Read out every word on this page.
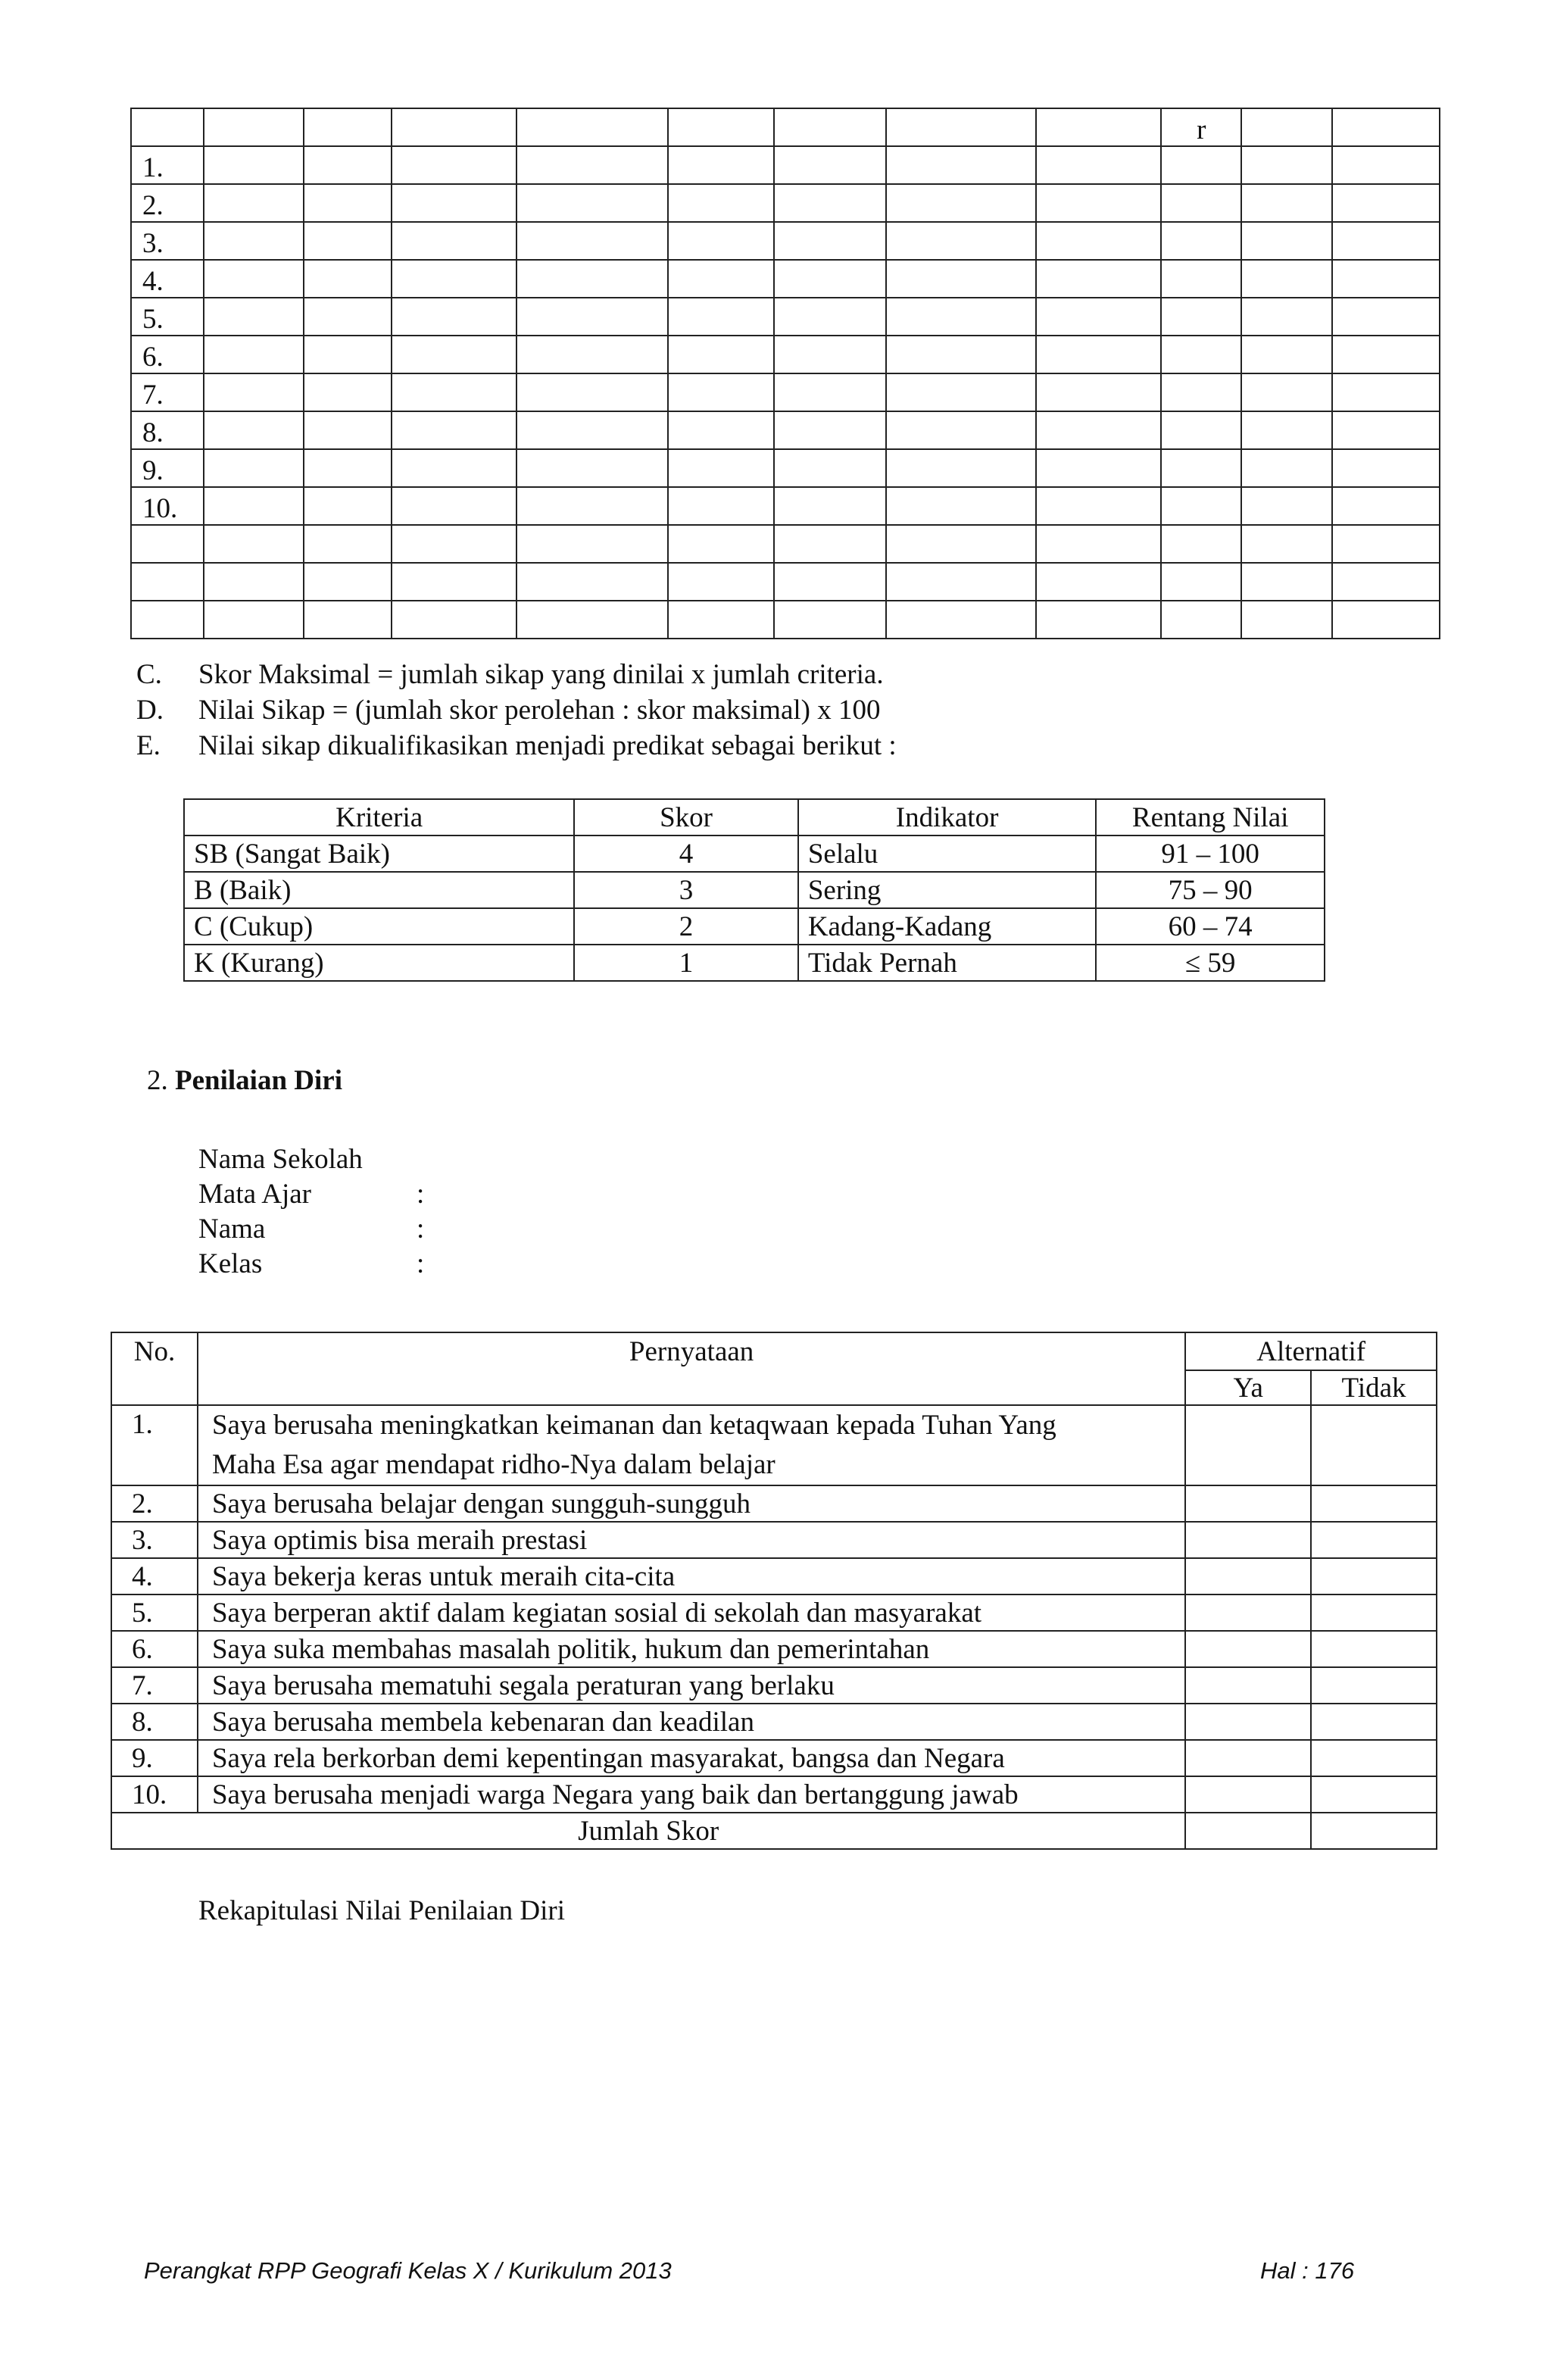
									r		
1.											
2.											
3.											
4.											
5.											
6.											
7.											
8.											
9.											
10.											

C. Skor Maksimal = jumlah sikap yang dinilai x jumlah criteria.
D. Nilai Sikap = (jumlah skor perolehan : skor maksimal) x 100
E. Nilai sikap dikualifikasikan menjadi predikat sebagai berikut :
Kriteria	Skor	Indikator	Rentang Nilai
SB (Sangat Baik)	4	Selalu	91 – 100
B (Baik)	3	Sering	75 – 90
C (Cukup)	2	Kadang-Kadang	60 – 74
K (Kurang)	1	Tidak Pernah	≤ 59
2. Penilaian Diri
Nama Sekolah
Mata Ajar	:
Nama	:
Kelas	:
No.	Pernyataan	Alternatif	
		Ya	Tidak
1.	Saya berusaha meningkatkan keimanan dan ketaqwaan kepada Tuhan Yang
Maha Esa agar mendapat ridho-Nya dalam belajar		

2.	Saya berusaha belajar dengan sungguh-sungguh		
3.	Saya optimis bisa meraih prestasi		
4.	Saya bekerja keras untuk meraih cita-cita		
5.	Saya berperan aktif dalam kegiatan sosial di sekolah dan masyarakat		
6.	Saya suka membahas masalah politik, hukum dan pemerintahan		
7.	Saya berusaha mematuhi segala peraturan yang berlaku		
8.	Saya berusaha membela kebenaran dan keadilan		
9.	Saya rela berkorban demi kepentingan masyarakat, bangsa dan Negara		
10.	Saya berusaha menjadi warga Negara yang baik dan bertanggung jawab		
Jumlah Skor			
Rekapitulasi Nilai Penilaian Diri
Perangkat RPP Geografi Kelas X / Kurikulum 2013	Hal : 176
